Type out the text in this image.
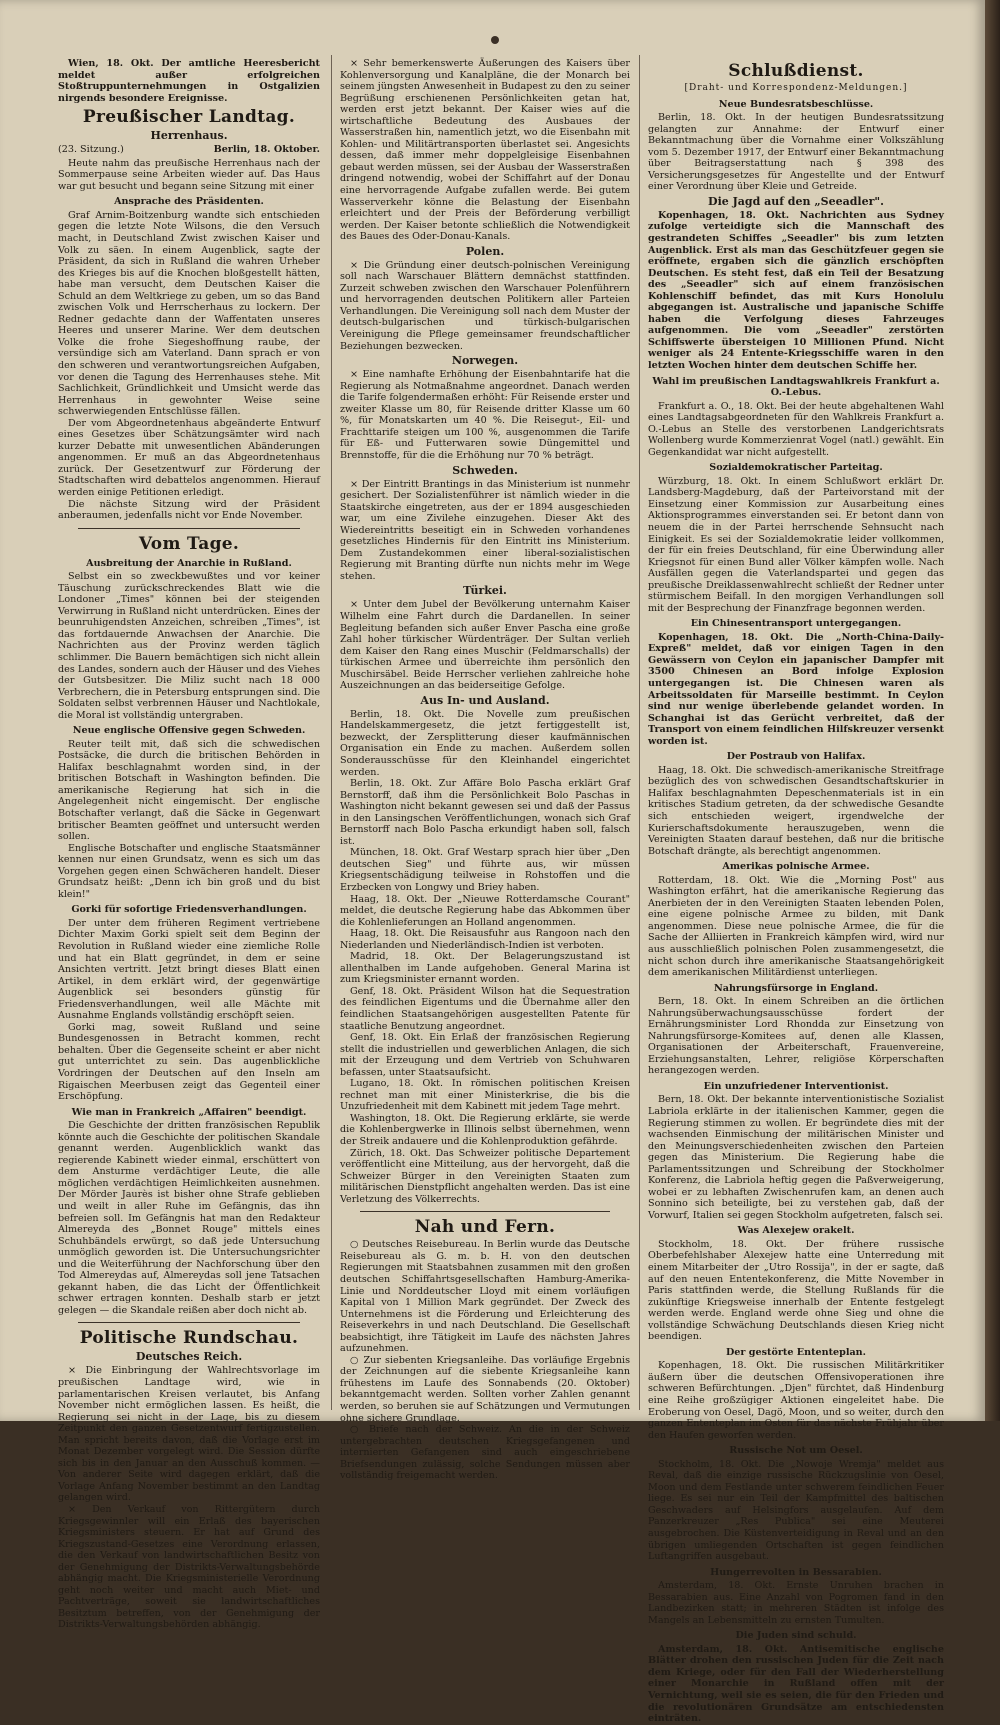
Wien, 18. Okt. Der amtliche Heeresbericht meldet außer erfolgreichen Stoßtruppunternehmungen in Ostgalizien nirgends besondere Ereignisse.

Preußischer Landtag.
Herrenhaus.
(23. Sitzung.)	Berlin, 18. Oktober.

Heute nahm das preußische Herrenhaus nach der Sommerpause seine Arbeiten wieder auf. Das Haus war gut besucht und begann seine Sitzung mit einer

Ansprache des Präsidenten.

Graf Arnim-Boitzenburg wandte sich entschieden gegen die letzte Note Wilsons, die den Versuch macht, in Deutschland Zwist zwischen Kaiser und Volk zu säen. In einem Augenblick, sagte der Präsident, da sich in Rußland die wahren Urheber des Krieges bis auf die Knochen bloßgestellt hätten, habe man versucht, dem Deutschen Kaiser die Schuld an dem Weltkriege zu geben, um so das Band zwischen Volk und Herrscherhaus zu lockern. Der Redner gedachte dann der Waffentaten unseres Heeres und unserer Marine. Wer dem deutschen Volke die frohe Siegeshoffnung raube, der versündige sich am Vaterland. Dann sprach er von den schweren und verantwortungsreichen Aufgaben, vor denen die Tagung des Herrenhauses stehe. Mit Sachlichkeit, Gründlichkeit und Umsicht werde das Herrenhaus in gewohnter Weise seine schwerwiegenden Entschlüsse fällen.

Der vom Abgeordnetenhaus abgeänderte Entwurf eines Gesetzes über Schätzungsämter wird nach kurzer Debatte mit unwesentlichen Abänderungen angenommen. Er muß an das Abgeordnetenhaus zurück. Der Gesetzentwurf zur Förderung der Stadtschaften wird debattelos angenommen. Hierauf werden einige Petitionen erledigt.

Die nächste Sitzung wird der Präsident anberaumen, jedenfalls nicht vor Ende November.

Vom Tage.
Ausbreitung der Anarchie in Rußland.

Selbst ein so zweckbewußtes und vor keiner Täuschung zurückschreckendes Blatt wie die Londoner „Times" können bei der steigenden Verwirrung in Rußland nicht unterdrücken. Eines der beunruhigendsten Anzeichen, schreiben „Times", ist das fortdauernde Anwachsen der Anarchie. Die Nachrichten aus der Provinz werden täglich schlimmer. Die Bauern bemächtigen sich nicht allein des Landes, sondern auch der Häuser und des Viehes der Gutsbesitzer. Die Miliz sucht nach 18 000 Verbrechern, die in Petersburg entsprungen sind. Die Soldaten selbst verbrennen Häuser und Nachtlokale, die Moral ist vollständig untergraben.

Neue englische Offensive gegen Schweden.

Reuter teilt mit, daß sich die schwedischen Postsäcke, die durch die britischen Behörden in Halifax beschlagnahmt worden sind, in der britischen Botschaft in Washington befinden. Die amerikanische Regierung hat sich in die Angelegenheit nicht eingemischt. Der englische Botschafter verlangt, daß die Säcke in Gegenwart britischer Beamten geöffnet und untersucht werden sollen.

Englische Botschafter und englische Staatsmänner kennen nur einen Grundsatz, wenn es sich um das Vorgehen gegen einen Schwächeren handelt. Dieser Grundsatz heißt: „Denn ich bin groß und du bist klein!"

Gorki für sofortige Friedensverhandlungen.

Der unter dem früheren Regiment vertriebene Dichter Maxim Gorki spielt seit dem Beginn der Revolution in Rußland wieder eine ziemliche Rolle und hat ein Blatt gegründet, in dem er seine Ansichten vertritt. Jetzt bringt dieses Blatt einen Artikel, in dem erklärt wird, der gegenwärtige Augenblick sei besonders günstig für Friedensverhandlungen, weil alle Mächte mit Ausnahme Englands vollständig erschöpft seien.

Gorki mag, soweit Rußland und seine Bundesgenossen in Betracht kommen, recht behalten. Über die Gegenseite scheint er aber nicht gut unterrichtet zu sein. Das augenblickliche Vordringen der Deutschen auf den Inseln am Rigaischen Meerbusen zeigt das Gegenteil einer Erschöpfung.

Wie man in Frankreich „Affairen" beendigt.

Die Geschichte der dritten französischen Republik könnte auch die Geschichte der politischen Skandale genannt werden. Augenblicklich wankt das regierende Kabinett wieder einmal, erschüttert von dem Ansturme verdächtiger Leute, die alle möglichen verdächtigen Heimlichkeiten ausnehmen. Der Mörder Jaurès ist bisher ohne Strafe geblieben und weilt in aller Ruhe im Gefängnis, das ihn befreien soll. Im Gefängnis hat man den Redakteur Almereyda des „Bonnet Rouge" mittels eines Schuhbändels erwürgt, so daß jede Untersuchung unmöglich geworden ist. Die Untersuchungsrichter und die Weiterführung der Nachforschung über den Tod Almereydas auf, Almereydas soll jene Tatsachen gekannt haben, die das Licht der Öffentlichkeit schwer ertragen konnten. Deshalb starb er jetzt gelegen — die Skandale reißen aber doch nicht ab.

Politische Rundschau.
Deutsches Reich.

× Die Einbringung der Wahlrechtsvorlage im preußischen Landtage wird, wie in parlamentarischen Kreisen verlautet, bis Anfang November nicht ermöglichen lassen. Es heißt, die Regierung sei nicht in der Lage, bis zu diesem Zeitpunkt den ganzen Gesetzentwurf fertigzustellen. Man spricht bereits davon, daß die Vorlage erst im Monat Dezember vorgelegt wird. Die Session dürfte sich bis in den Januar an den Ausschuß kommen. — Von anderer Seite wird dagegen erklärt, daß die Vorlage Anfang November bestimmt an den Landtag gelangen wird.

× Den Verkauf von Rittergütern durch Kriegsgewinnler will ein Erlaß des bayerischen Kriegsministers steuern. Er hat auf Grund des Kriegszustand-Gesetzes eine Verordnung erlassen, die den Verkauf von landwirtschaftlichen Besitz von der Genehmigung der Distrikts-Verwaltungsbehörde abhängig macht. Die Kriegsministerielle Verordnung geht noch weiter und macht auch Miet- und Pachtverträge, soweit sie landwirtschaftliches Besitztum betreffen, von der Genehmigung der Distrikts-Verwaltungsbehörden abhängig.

× Sehr bemerkenswerte Äußerungen des Kaisers über Kohlenversorgung und Kanalpläne, die der Monarch bei seinem jüngsten Anwesenheit in Budapest zu den zu seiner Begrüßung erschienenen Persönlichkeiten getan hat, werden erst jetzt bekannt. Der Kaiser wies auf die wirtschaftliche Bedeutung des Ausbaues der Wasserstraßen hin, namentlich jetzt, wo die Eisenbahn mit Kohlen- und Militärtransporten überlastet sei. Angesichts dessen, daß immer mehr doppelgleisige Eisenbahnen gebaut werden müssen, sei der Ausbau der Wasserstraßen dringend notwendig, wobei der Schiffahrt auf der Donau eine hervorragende Aufgabe zufallen werde. Bei gutem Wasserverkehr könne die Belastung der Eisenbahn erleichtert und der Preis der Beförderung verbilligt werden. Der Kaiser betonte schließlich die Notwendigkeit des Baues des Oder-Donau-Kanals.

Polen.

× Die Gründung einer deutsch-polnischen Vereinigung soll nach Warschauer Blättern demnächst stattfinden. Zurzeit schweben zwischen den Warschauer Polenführern und hervorragenden deutschen Politikern aller Parteien Verhandlungen. Die Vereinigung soll nach dem Muster der deutsch-bulgarischen und türkisch-bulgarischen Vereinigung die Pflege gemeinsamer freundschaftlicher Beziehungen bezwecken.

Norwegen.

× Eine namhafte Erhöhung der Eisenbahntarife hat die Regierung als Notmaßnahme angeordnet. Danach werden die Tarife folgendermaßen erhöht: Für Reisende erster und zweiter Klasse um 80, für Reisende dritter Klasse um 60 %, für Monatskarten um 40 %. Die Reisegut-, Eil- und Frachttarife steigen um 100 %, ausgenommen die Tarife für Eß- und Futterwaren sowie Düngemittel und Brennstoffe, für die die Erhöhung nur 70 % beträgt.

Schweden.

× Der Eintritt Brantings in das Ministerium ist nunmehr gesichert. Der Sozialistenführer ist nämlich wieder in die Staatskirche eingetreten, aus der er 1894 ausgeschieden war, um eine Zivilehe einzugehen. Dieser Akt des Wiedereintritts beseitigt ein in Schweden vorhandenes gesetzliches Hindernis für den Eintritt ins Ministerium. Dem Zustandekommen einer liberal-sozialistischen Regierung mit Branting dürfte nun nichts mehr im Wege stehen.

Türkei.

× Unter dem Jubel der Bevölkerung unternahm Kaiser Wilhelm eine Fahrt durch die Dardanellen. In seiner Begleitung befanden sich außer Enver Pascha eine große Zahl hoher türkischer Würdenträger. Der Sultan verlieh dem Kaiser den Rang eines Muschir (Feldmarschalls) der türkischen Armee und überreichte ihm persönlich den Muschirsäbel. Beide Herrscher verliehen zahlreiche hohe Auszeichnungen an das beiderseitige Gefolge.

Aus In- und Ausland.

Berlin, 18. Okt. Die Novelle zum preußischen Handelskammergesetz, die jetzt fertiggestellt ist, bezweckt, der Zersplitterung dieser kaufmännischen Organisation ein Ende zu machen. Außerdem sollen Sonderausschüsse für den Kleinhandel eingerichtet werden.

Berlin, 18. Okt. Zur Affäre Bolo Pascha erklärt Graf Bernstorff, daß ihm die Persönlichkeit Bolo Paschas in Washington nicht bekannt gewesen sei und daß der Passus in den Lansingschen Veröffentlichungen, wonach sich Graf Bernstorff nach Bolo Pascha erkundigt haben soll, falsch ist.

München, 18. Okt. Graf Westarp sprach hier über „Den deutschen Sieg" und führte aus, wir müssen Kriegsentschädigung teilweise in Rohstoffen und die Erzbecken von Longwy und Briey haben.

Haag, 18. Okt. Der „Nieuwe Rotterdamsche Courant" meldet, die deutsche Regierung habe das Abkommen über die Kohlenlieferungen an Holland angenommen.

Haag, 18. Okt. Die Reisausfuhr aus Rangoon nach den Niederlanden und Niederländisch-Indien ist verboten.

Madrid, 18. Okt. Der Belagerungszustand ist allenthalben im Lande aufgehoben. General Marina ist zum Kriegsminister ernannt worden.

Genf, 18. Okt. Präsident Wilson hat die Sequestration des feindlichen Eigentums und die Übernahme aller den feindlichen Staatsangehörigen ausgestellten Patente für staatliche Benutzung angeordnet.

Genf, 18. Okt. Ein Erlaß der französischen Regierung stellt die industriellen und gewerblichen Anlagen, die sich mit der Erzeugung und dem Vertrieb von Schuhwaren befassen, unter Staatsaufsicht.

Lugano, 18. Okt. In römischen politischen Kreisen rechnet man mit einer Ministerkrise, die bis die Unzufriedenheit mit dem Kabinett mit jedem Tage mehrt.

Washington, 18. Okt. Die Regierung erklärte, sie werde die Kohlenbergwerke in Illinois selbst übernehmen, wenn der Streik andauere und die Kohlenproduktion gefährde.

Zürich, 18. Okt. Das Schweizer politische Departement veröffentlicht eine Mitteilung, aus der hervorgeht, daß die Schweizer Bürger in den Vereinigten Staaten zum militärischen Dienstpflicht angehalten werden. Das ist eine Verletzung des Völkerrechts.

Nah und Fern.

○ Deutsches Reisebureau. In Berlin wurde das Deutsche Reisebureau als G. m. b. H. von den deutschen Regierungen mit Staatsbahnen zusammen mit den großen deutschen Schiffahrtsgesellschaften Hamburg-Amerika-Linie und Norddeutscher Lloyd mit einem vorläufigen Kapital von 1 Million Mark gegründet. Der Zweck des Unternehmens ist die Förderung und Erleichterung des Reiseverkehrs in und nach Deutschland. Die Gesellschaft beabsichtigt, ihre Tätigkeit im Laufe des nächsten Jahres aufzunehmen.

○ Zur siebenten Kriegsanleihe. Das vorläufige Ergebnis der Zeichnungen auf die siebente Kriegsanleihe kann frühestens im Laufe des Sonnabends (20. Oktober) bekanntgemacht werden. Sollten vorher Zahlen genannt werden, so beruhen sie auf Schätzungen und Vermutungen ohne sichere Grundlage.

○ Briefe nach der Schweiz. An die in der Schweiz untergebrachten deutschen Kriegsgefangenen und internierten Gefangenen sind auch eingeschriebene Briefsendungen zulässig, solche Sendungen müssen aber vollständig freigemacht werden.

Schlußdienst.
[Draht- und Korrespondenz-Meldungen.]
Neue Bundesratsbeschlüsse.

Berlin, 18. Okt. In der heutigen Bundesratssitzung gelangten zur Annahme: der Entwurf einer Bekanntmachung über die Vornahme einer Volkszählung vom 5. Dezember 1917, der Entwurf einer Bekanntmachung über Beitragserstattung nach § 398 des Versicherungsgesetzes für Angestellte und der Entwurf einer Verordnung über Kleie und Getreide.

Die Jagd auf den „Seeadler".

Kopenhagen, 18. Okt. Nachrichten aus Sydney zufolge verteidigte sich die Mannschaft des gestrandeten Schiffes „Seeadler" bis zum letzten Augenblick. Erst als man das Geschützfeuer gegen sie eröffnete, ergaben sich die gänzlich erschöpften Deutschen. Es steht fest, daß ein Teil der Besatzung des „Seeadler" sich auf einem französischen Kohlenschiff befindet, das mit Kurs Honolulu abgegangen ist. Australische und japanische Schiffe haben die Verfolgung dieses Fahrzeuges aufgenommen. Die vom „Seeadler" zerstörten Schiffswerte übersteigen 10 Millionen Pfund. Nicht weniger als 24 Entente-Kriegsschiffe waren in den letzten Wochen hinter dem deutschen Schiffe her.

Wahl im preußischen Landtagswahlkreis Frankfurt a. O.-Lebus.

Frankfurt a. O., 18. Okt. Bei der heute abgehaltenen Wahl eines Landtagsabgeordneten für den Wahlkreis Frankfurt a. O.-Lebus an Stelle des verstorbenen Landgerichtsrats Wollenberg wurde Kommerzienrat Vogel (natl.) gewählt. Ein Gegenkandidat war nicht aufgestellt.

Sozialdemokratischer Parteitag.

Würzburg, 18. Okt. In einem Schlußwort erklärt Dr. Landsberg-Magdeburg, daß der Parteivorstand mit der Einsetzung einer Kommission zur Ausarbeitung eines Aktionsprogrammes einverstanden sei. Er betont dann von neuem die in der Partei herrschende Sehnsucht nach Einigkeit. Es sei der Sozialdemokratie leider vollkommen, der für ein freies Deutschland, für eine Überwindung aller Kriegsnot für einen Bund aller Völker kämpfen wolle. Nach Ausfällen gegen die Vaterlandspartei und gegen das preußische Dreiklassenwahlrecht schließt der Redner unter stürmischem Beifall. In den morgigen Verhandlungen soll mit der Besprechung der Finanzfrage begonnen werden.

Ein Chinesentransport untergegangen.

Kopenhagen, 18. Okt. Die „North-China-Daily-Expreß" meldet, daß vor einigen Tagen in den Gewässern von Ceylon ein japanischer Dampfer mit 3500 Chinesen an Bord infolge Explosion untergegangen ist. Die Chinesen waren als Arbeitssoldaten für Marseille bestimmt. In Ceylon sind nur wenige überlebende gelandet worden. In Schanghai ist das Gerücht verbreitet, daß der Transport von einem feindlichen Hilfskreuzer versenkt worden ist.

Der Postraub von Halifax.

Haag, 18. Okt. Die schwedisch-amerikanische Streitfrage bezüglich des von schwedischen Gesandtschaftskurier in Halifax beschlagnahmten Depeschenmaterials ist in ein kritisches Stadium getreten, da der schwedische Gesandte sich entschieden weigert, irgendwelche der Kurierschaftsdokumente herauszugeben, wenn die Vereinigten Staaten darauf bestehen, daß nur die britische Botschaft drängte, als berechtigt angenommen.

Amerikas polnische Armee.

Rotterdam, 18. Okt. Wie die „Morning Post" aus Washington erfährt, hat die amerikanische Regierung das Anerbieten der in den Vereinigten Staaten lebenden Polen, eine eigene polnische Armee zu bilden, mit Dank angenommen. Diese neue polnische Armee, die für die Sache der Alliierten in Frankreich kämpfen wird, wird nur aus ausschließlich polnischen Polen zusammengesetzt, die nicht schon durch ihre amerikanische Staatsangehörigkeit dem amerikanischen Militärdienst unterliegen.

Nahrungsfürsorge in England.

Bern, 18. Okt. In einem Schreiben an die örtlichen Nahrungsüberwachungsausschüsse fordert der Ernährungsminister Lord Rhondda zur Einsetzung von Nahrungsfürsorge-Komitees auf, denen alle Klassen, Organisationen der Arbeiterschaft, Frauenvereine, Erziehungsanstalten, Lehrer, religiöse Körperschaften herangezogen werden.

Ein unzufriedener Interventionist.

Bern, 18. Okt. Der bekannte interventionistische Sozialist Labriola erklärte in der italienischen Kammer, gegen die Regierung stimmen zu wollen. Er begründete dies mit der wachsenden Einmischung der militärischen Minister und den Meinungsverschiedenheiten zwischen den Parteien gegen das Ministerium. Die Regierung habe die Parlamentssitzungen und Schreibung der Stockholmer Konferenz, die Labriola heftig gegen die Paßverweigerung, wobei er zu lebhaften Zwischenrufen kam, an denen auch Sonnino sich beteiligte, bei zu verstehen gab, daß der Vorwurf, Italien sei gegen Stockholm aufgetreten, falsch sei.

Was Alexejew orakelt.

Stockholm, 18. Okt. Der frühere russische Oberbefehlshaber Alexejew hatte eine Unterredung mit einem Mitarbeiter der „Utro Rossija", in der er sagte, daß auf den neuen Ententekonferenz, die Mitte November in Paris stattfinden werde, die Stellung Rußlands für die zukünftige Kriegsweise innerhalb der Entente festgelegt werden werde. England werde ohne Sieg und ohne die vollständige Schwächung Deutschlands diesen Krieg nicht beendigen.

Der gestörte Ententeplan.

Kopenhagen, 18. Okt. Die russischen Militärkritiker äußern über die deutschen Offensivoperationen ihre schweren Befürchtungen. „Djen" fürchtet, daß Hindenburg eine Reihe großzügiger Aktionen eingeleitet habe. Die Eroberung von Oesel, Dagö, Moon, und so weiter, durch den ganzen Ententeplan im Osten für das nächste Frühjahr über den Haufen geworfen werden.

Russische Not um Oesel.

Stockholm, 18. Okt. Die „Nowoje Wremja" meldet aus Reval, daß die einzige russische Rückzugslinie von Oesel, Moon und dem Festlande unter schwerem feindlichen Feuer liege. Es sei nur ein Teil der Kampfmittel des baltischen Geschwaders auf Helsingfors ausgelaufen. Auf dem Panzerkreuzer „Res Publica" sei eine Meuterei ausgebrochen. Die Küstenverteidigung in Reval und an den übrigen umliegenden Ortschaften ist gegen feindlichen Luftangriffen ausgebaut.

Hungerrevolten in Bessarabien.

Amsterdam, 18. Okt. Ernste Unruhen brachen in Bessarabien aus. Eine Anzahl von Pogromen fand in den Landbezirken statt; in mehreren Städten ist infolge des Mangels an Lebensmitteln zu ernsten Tumulten.

Die Juden sind schuld.

Amsterdam, 18. Okt. Antisemitische englische Blätter drohen den russischen Juden für die Zeit nach dem Kriege, oder für den Fall der Wiederherstellung einer Monarchie in Rußland offen mit der Vernichtung, weil sie es seien, die für den Frieden und die revolutionären Grundsätze am entschiedensten einträten.
